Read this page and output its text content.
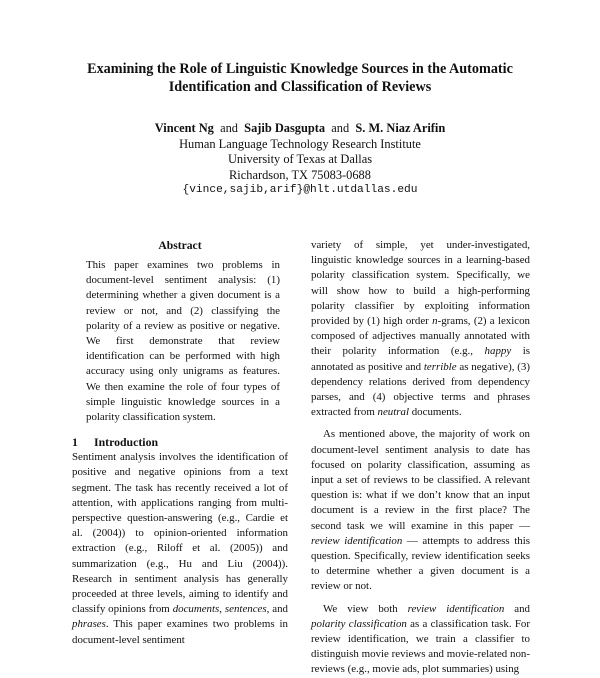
Examining the Role of Linguistic Knowledge Sources in the Automatic
Identification and Classification of Reviews
Vincent Ng and Sajib Dasgupta and S. M. Niaz Arifin
Human Language Technology Research Institute
University of Texas at Dallas
Richardson, TX 75083-0688
{vince,sajib,arif}@hlt.utdallas.edu
Abstract

This paper examines two problems in document-level sentiment analysis: (1) determining whether a given document is a review or not, and (2) classifying the polarity of a review as positive or negative. We first demonstrate that review identification can be performed with high accuracy using only unigrams as features. We then examine the role of four types of simple linguistic knowledge sources in a polarity classification system.

1 Introduction

Sentiment analysis involves the identification of positive and negative opinions from a text segment. The task has recently received a lot of attention, with applications ranging from multi-perspective question-answering (e.g., Cardie et al. (2004)) to opinion-oriented information extraction (e.g., Riloff et al. (2005)) and summarization (e.g., Hu and Liu (2004)). Research in sentiment analysis has generally proceeded at three levels, aiming to identify and classify opinions from documents, sentences, and phrases. This paper examines two problems in document-level sentiment

variety of simple, yet under-investigated, linguistic knowledge sources in a learning-based polarity classification system. Specifically, we will show how to build a high-performing polarity classifier by exploiting information provided by (1) high order n-grams, (2) a lexicon composed of adjectives manually annotated with their polarity information (e.g., happy is annotated as positive and terrible as negative), (3) dependency relations derived from dependency parses, and (4) objective terms and phrases extracted from neutral documents.

As mentioned above, the majority of work on document-level sentiment analysis to date has focused on polarity classification, assuming as input a set of reviews to be classified. A relevant question is: what if we don’t know that an input document is a review in the first place? The second task we will examine in this paper — review identification — attempts to address this question. Specifically, review identification seeks to determine whether a given document is a review or not.

We view both review identification and polarity classification as a classification task. For review identification, we train a classifier to distinguish movie reviews and movie-related non-reviews (e.g., movie ads, plot summaries) using
